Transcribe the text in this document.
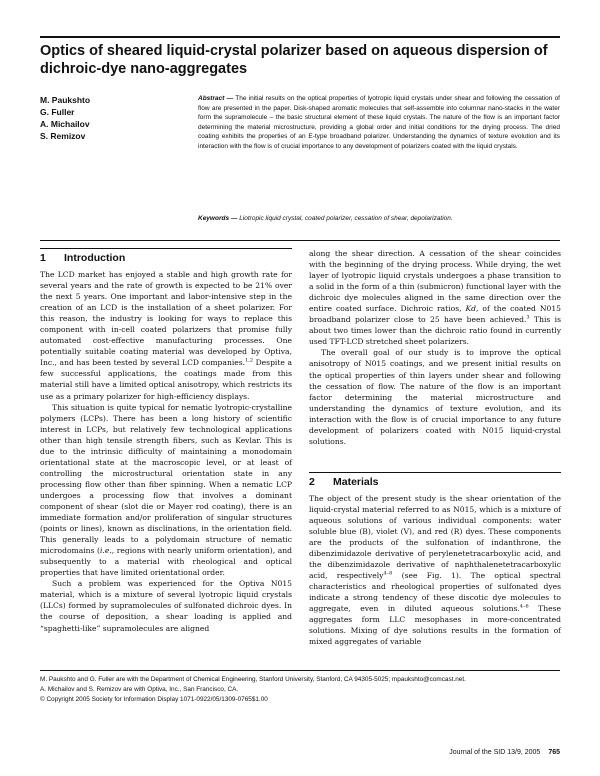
Optics of sheared liquid-crystal polarizer based on aqueous dispersion of dichroic-dye nano-aggregates
M. Paukshto
G. Fuller
A. Michailov
S. Remizov

Abstract — The initial results on the optical properties of lyotropic liquid crystals under shear and following the cessation of flow are presented in the paper. Disk-shaped aromatic molecules that self-assemble into columnar nano-stacks in the water form the supramolecule – the basic structural element of these liquid crystals. The nature of the flow is an important factor determining the material microstructure, providing a global order and initial conditions for the drying process. The dried coating exhibits the properties of an E-type broadband polarizer. Understanding the dynamics of texture evolution and its interaction with the flow is of crucial importance to any development of polarizers coated with the liquid crystals.

Keywords — Liotropic liquid crystal, coated polarizer, cessation of shear, depolarization.

1 Introduction

The LCD market has enjoyed a stable and high growth rate for several years and the rate of growth is expected to be 21% over the next 5 years. One important and labor-intensive step in the creation of an LCD is the installation of a sheet polarizer. For this reason, the industry is looking for ways to replace this component with in-cell coated polarizers that promise fully automated cost-effective manufacturing processes. One potentially suitable coating material was developed by Optiva, Inc., and has been tested by several LCD companies.$^{1,2}$ Despite a few successful applications, the coatings made from this material still have a limited optical anisotropy, which restricts its use as a primary polarizer for high-efficiency displays.

This situation is quite typical for nematic lyotropic-crystalline polymers (LCPs). There has been a long history of scientific interest in LCPs, but relatively few technological applications other than high tensile strength fibers, such as Kevlar. This is due to the intrinsic difficulty of maintaining a monodomain orientational state at the macroscopic level, or at least of controlling the microstructural orientation state in any processing flow other than fiber spinning. When a nematic LCP undergoes a processing flow that involves a dominant component of shear (slot die or Mayer rod coating), there is an immediate formation and/or proliferation of singular structures (points or lines), known as disclinations, in the orientation field. This generally leads to a polydomain structure of nematic microdomains (i.e., regions with nearly uniform orientation), and subsequently to a material with rheological and optical properties that have limited orientational order.

Such a problem was experienced for the Optiva N015 material, which is a mixture of several lyotropic liquid crystals (LLCs) formed by supramolecules of sulfonated dichroic dyes. In the course of deposition, a shear loading is applied and “spaghetti-like” supramolecules are aligned

along the shear direction. A cessation of the shear coincides with the beginning of the drying process. While drying, the wet layer of lyotropic liquid crystals undergoes a phase transition to a solid in the form of a thin (submicron) functional layer with the dichroic dye molecules aligned in the same direction over the entire coated surface. Dichroic ratios, Kd, of the coated N015 broadband polarizer close to 25 have been achieved.$^3$ This is about two times lower than the dichroic ratio found in currently used TFT-LCD stretched sheet polarizers.

The overall goal of our study is to improve the optical anisotropy of N015 coatings, and we present initial results on the optical properties of thin layers under shear and following the cessation of flow. The nature of the flow is an important factor determining the material microstructure and understanding the dynamics of texture evolution, and its interaction with the flow is of crucial importance to any future development of polarizers coated with N015 liquid-crystal solutions.

2 Materials

The object of the present study is the shear orientation of the liquid-crystal material referred to as N015, which is a mixture of aqueous solutions of various individual components: water soluble blue (B), violet (V), and red (R) dyes. These components are the products of the sulfonation of indanthrone, the dibenzimidazole derivative of perylenetetracarboxylic acid, and the dibenzimidazole derivative of naphthalenetetracarboxylic acid, respectively$^{4-8}$ (see Fig. 1). The optical spectral characteristics and rheological properties of sulfonated dyes indicate a strong tendency of these discotic dye molecules to aggregate, even in diluted aqueous solutions.$^{4-6}$ These aggregates form LLC mesophases in more-concentrated solutions. Mixing of dye solutions results in the formation of mixed aggregates of variable

M. Paukshto and G. Fuller are with the Department of Chemical Engineering, Stanford University, Stanford, CA 94305-5025; mpaukshto@comcast.net.
A. Michailov and S. Remizov are with Optiva, Inc., San Francisco, CA.
© Copyright 2005 Society for Information Display 1071-0922/05/1309-0765$1.00
Journal of the SID 13/9, 2005 765
